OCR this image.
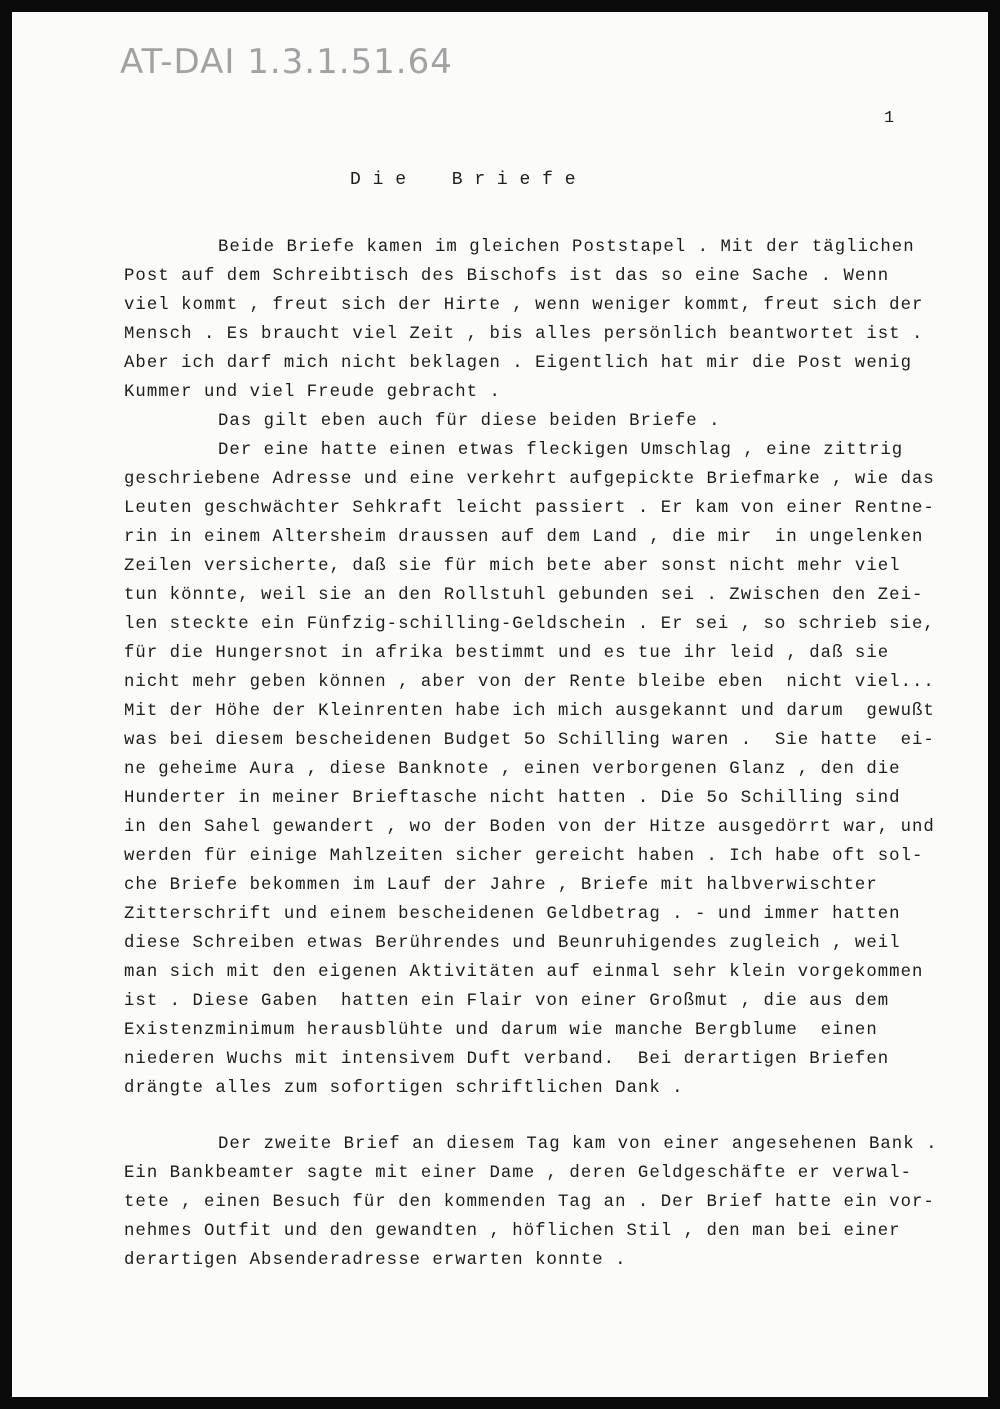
AT-DAI 1.3.1.51.64
1
D i e    B r i e f e
Beide Briefe kamen im gleichen Poststapel . Mit der täglichen
Post auf dem Schreibtisch des Bischofs ist das so eine Sache . Wenn
viel kommt , freut sich der Hirte , wenn weniger kommt, freut sich der
Mensch . Es braucht viel Zeit , bis alles persönlich beantwortet ist .
Aber ich darf mich nicht beklagen . Eigentlich hat mir die Post wenig
Kummer und viel Freude gebracht .
Das gilt eben auch für diese beiden Briefe .
Der eine hatte einen etwas fleckigen Umschlag , eine zittrig
geschriebene Adresse und eine verkehrt aufgepickte Briefmarke , wie das
Leuten geschwächter Sehkraft leicht passiert . Er kam von einer Rentne-
rin in einem Altersheim draussen auf dem Land , die mir  in ungelenken
Zeilen versicherte, daß sie für mich bete aber sonst nicht mehr viel
tun könnte, weil sie an den Rollstuhl gebunden sei . Zwischen den Zei-
len steckte ein Fünfzig-schilling-Geldschein . Er sei , so schrieb sie,
für die Hungersnot in afrika bestimmt und es tue ihr leid , daß sie
nicht mehr geben können , aber von der Rente bleibe eben  nicht viel...
Mit der Höhe der Kleinrenten habe ich mich ausgekannt und darum  gewußt
was bei diesem bescheidenen Budget 5o Schilling waren .  Sie hatte  ei-
ne geheime Aura , diese Banknote , einen verborgenen Glanz , den die
Hunderter in meiner Brieftasche nicht hatten . Die 5o Schilling sind
in den Sahel gewandert , wo der Boden von der Hitze ausgedörrt war, und
werden für einige Mahlzeiten sicher gereicht haben . Ich habe oft sol-
che Briefe bekommen im Lauf der Jahre , Briefe mit halbverwischter
Zitterschrift und einem bescheidenen Geldbetrag . - und immer hatten
diese Schreiben etwas Berührendes und Beunruhigendes zugleich , weil
man sich mit den eigenen Aktivitäten auf einmal sehr klein vorgekommen
ist . Diese Gaben  hatten ein Flair von einer Großmut , die aus dem
Existenzminimum herausblühte und darum wie manche Bergblume  einen
niederen Wuchs mit intensivem Duft verband.  Bei derartigen Briefen
drängte alles zum sofortigen schriftlichen Dank .
Der zweite Brief an diesem Tag kam von einer angesehenen Bank .
Ein Bankbeamter sagte mit einer Dame , deren Geldgeschäfte er verwal-
tete , einen Besuch für den kommenden Tag an . Der Brief hatte ein vor-
nehmes Outfit und den gewandten , höflichen Stil , den man bei einer
derartigen Absenderadresse erwarten konnte .
